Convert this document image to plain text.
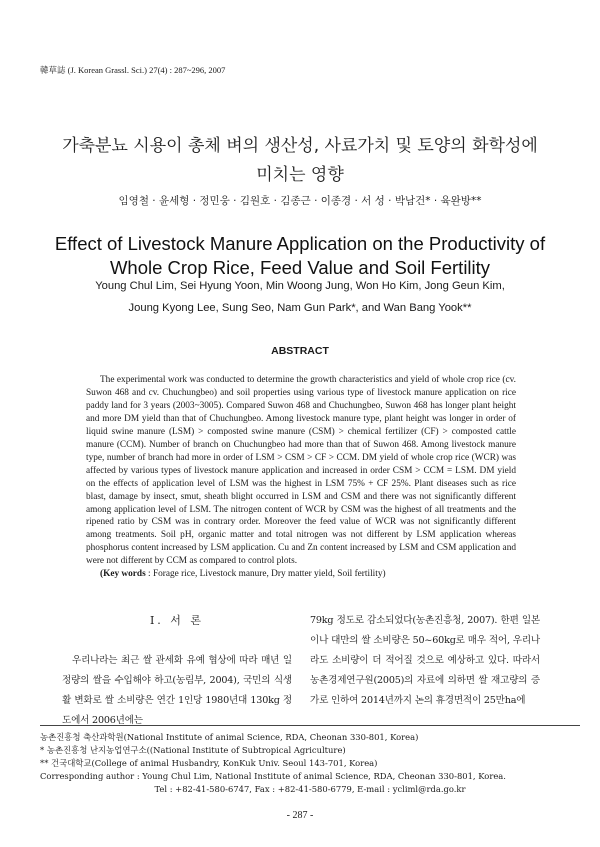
韓草誌 (J. Korean Grassl. Sci.) 27(4) : 287~296, 2007
가축분뇨 시용이 총체 벼의 생산성, 사료가치 및 토양의 화학성에
미치는 영향
임영철 · 윤세형 · 정민웅 · 김원호 · 김종근 · 이종경 · 서 성 · 박남건* · 육완방**
Effect of Livestock Manure Application on the Productivity of
Whole Crop Rice, Feed Value and Soil Fertility
Young Chul Lim, Sei Hyung Yoon, Min Woong Jung, Won Ho Kim, Jong Geun Kim,
Joung Kyong Lee, Sung Seo, Nam Gun Park*, and Wan Bang Yook**
ABSTRACT

The experimental work was conducted to determine the growth characteristics and yield of whole crop rice (cv. Suwon 468 and cv. Chuchungbeo) and soil properties using various type of livestock manure application on rice paddy land for 3 years (2003~3005). Compared Suwon 468 and Chuchungbeo, Suwon 468 has longer plant height and more DM yield than that of Chuchungbeo. Among livestock manure type, plant height was longer in order of liquid swine manure (LSM) > composted swine manure (CSM) > chemical fertilizer (CF) > composted cattle manure (CCM). Number of branch on Chuchungbeo had more than that of Suwon 468. Among livestock manure type, number of branch had more in order of LSM > CSM > CF > CCM. DM yield of whole crop rice (WCR) was affected by various types of livestock manure application and increased in order CSM > CCM = LSM. DM yield on the effects of application level of LSM was the highest in LSM 75% + CF 25%. Plant diseases such as rice blast, damage by insect, smut, sheath blight occurred in LSM and CSM and there was not significantly different among application level of LSM. The nitrogen content of WCR by CSM was the highest of all treatments and the ripened ratio by CSM was in contrary order. Moreover the feed value of WCR was not significantly different among treatments. Soil pH, organic matter and total nitrogen was not different by LSM application whereas phosphorus content increased by LSM application. Cu and Zn content increased by LSM and CSM application and were not different by CCM as compared to control plots.

(Key words : Forage rice, Livestock manure, Dry matter yield, Soil fertility)

Ⅰ. 서 론

우리나라는 최근 쌀 관세화 유예 협상에 따라 매년 일정량의 쌀을 수입해야 하고(농림부, 2004), 국민의 식생활 변화로 쌀 소비량은 연간 1인당 1980년대 130kg 정도에서 2006년에는

79kg 정도로 감소되었다(농촌진흥청, 2007). 한편 일본이나 대만의 쌀 소비량은 50~60kg로 매우 적어, 우리나라도 소비량이 더 적어질 것으로 예상하고 있다. 따라서 농촌경제연구원(2005)의 자료에 의하면 쌀 재고량의 증가로 인하여 2014년까지 논의 휴경면적이 25만ha에

농촌진흥청 축산과학원(National Institute of animal Science, RDA, Cheonan 330-801, Korea)
* 농촌진흥청 난지농업연구소((National Institute of Subtropical Agriculture)
** 건국대학교(College of animal Husbandry, KonKuk Univ. Seoul 143-701, Korea)
Corresponding author : Young Chul Lim, National Institute of animal Science, RDA, Cheonan 330-801, Korea.
Tel : +82-41-580-6747, Fax : +82-41-580-6779, E-mail : ycliml@rda.go.kr
- 287 -
